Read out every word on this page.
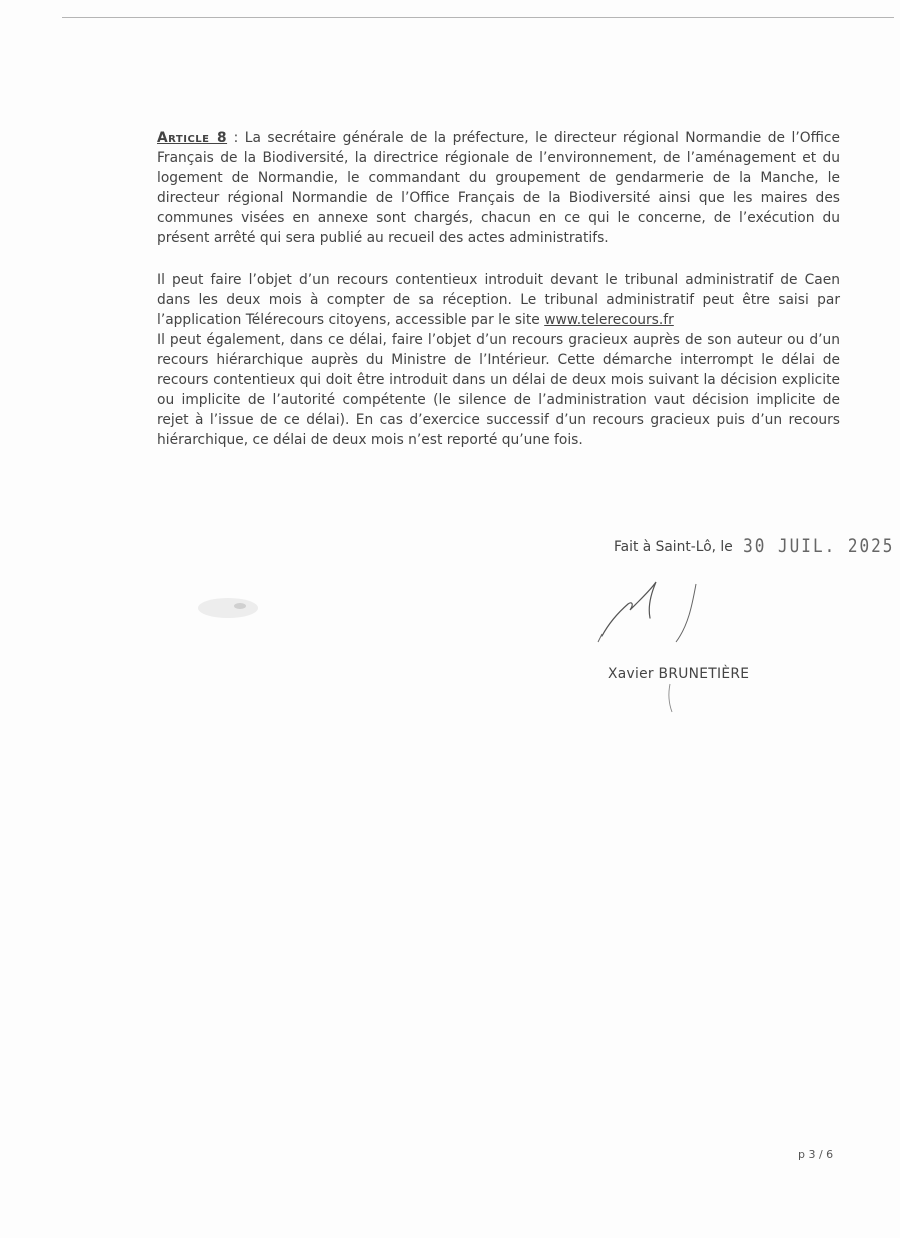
Article 8 : La secrétaire générale de la préfecture, le directeur régional Normandie de l’Office Français de la Biodiversité, la directrice régionale de l’environnement, de l’aménagement et du logement de Normandie, le commandant du groupement de gendarmerie de la Manche, le directeur régional Normandie de l’Office Français de la Biodiversité ainsi que les maires des communes visées en annexe sont chargés, chacun en ce qui le concerne, de l’exécution du présent arrêté qui sera publié au recueil des actes administratifs.

Il peut faire l’objet d’un recours contentieux introduit devant le tribunal administratif de Caen dans les deux mois à compter de sa réception. Le tribunal administratif peut être saisi par l’application Télérecours citoyens, accessible par le site www.telerecours.fr

Il peut également, dans ce délai, faire l’objet d’un recours gracieux auprès de son auteur ou d’un recours hiérarchique auprès du Ministre de l’Intérieur. Cette démarche interrompt le délai de recours contentieux qui doit être introduit dans un délai de deux mois suivant la décision explicite ou implicite de l’autorité compétente (le silence de l’administration vaut décision implicite de rejet à l’issue de ce délai). En cas d’exercice successif d’un recours gracieux puis d’un recours hiérarchique, ce délai de deux mois n’est reporté qu’une fois.

Fait à Saint-Lô, le 30 JUIL. 2025
Xavier BRUNETIÈRE
p 3 / 6
